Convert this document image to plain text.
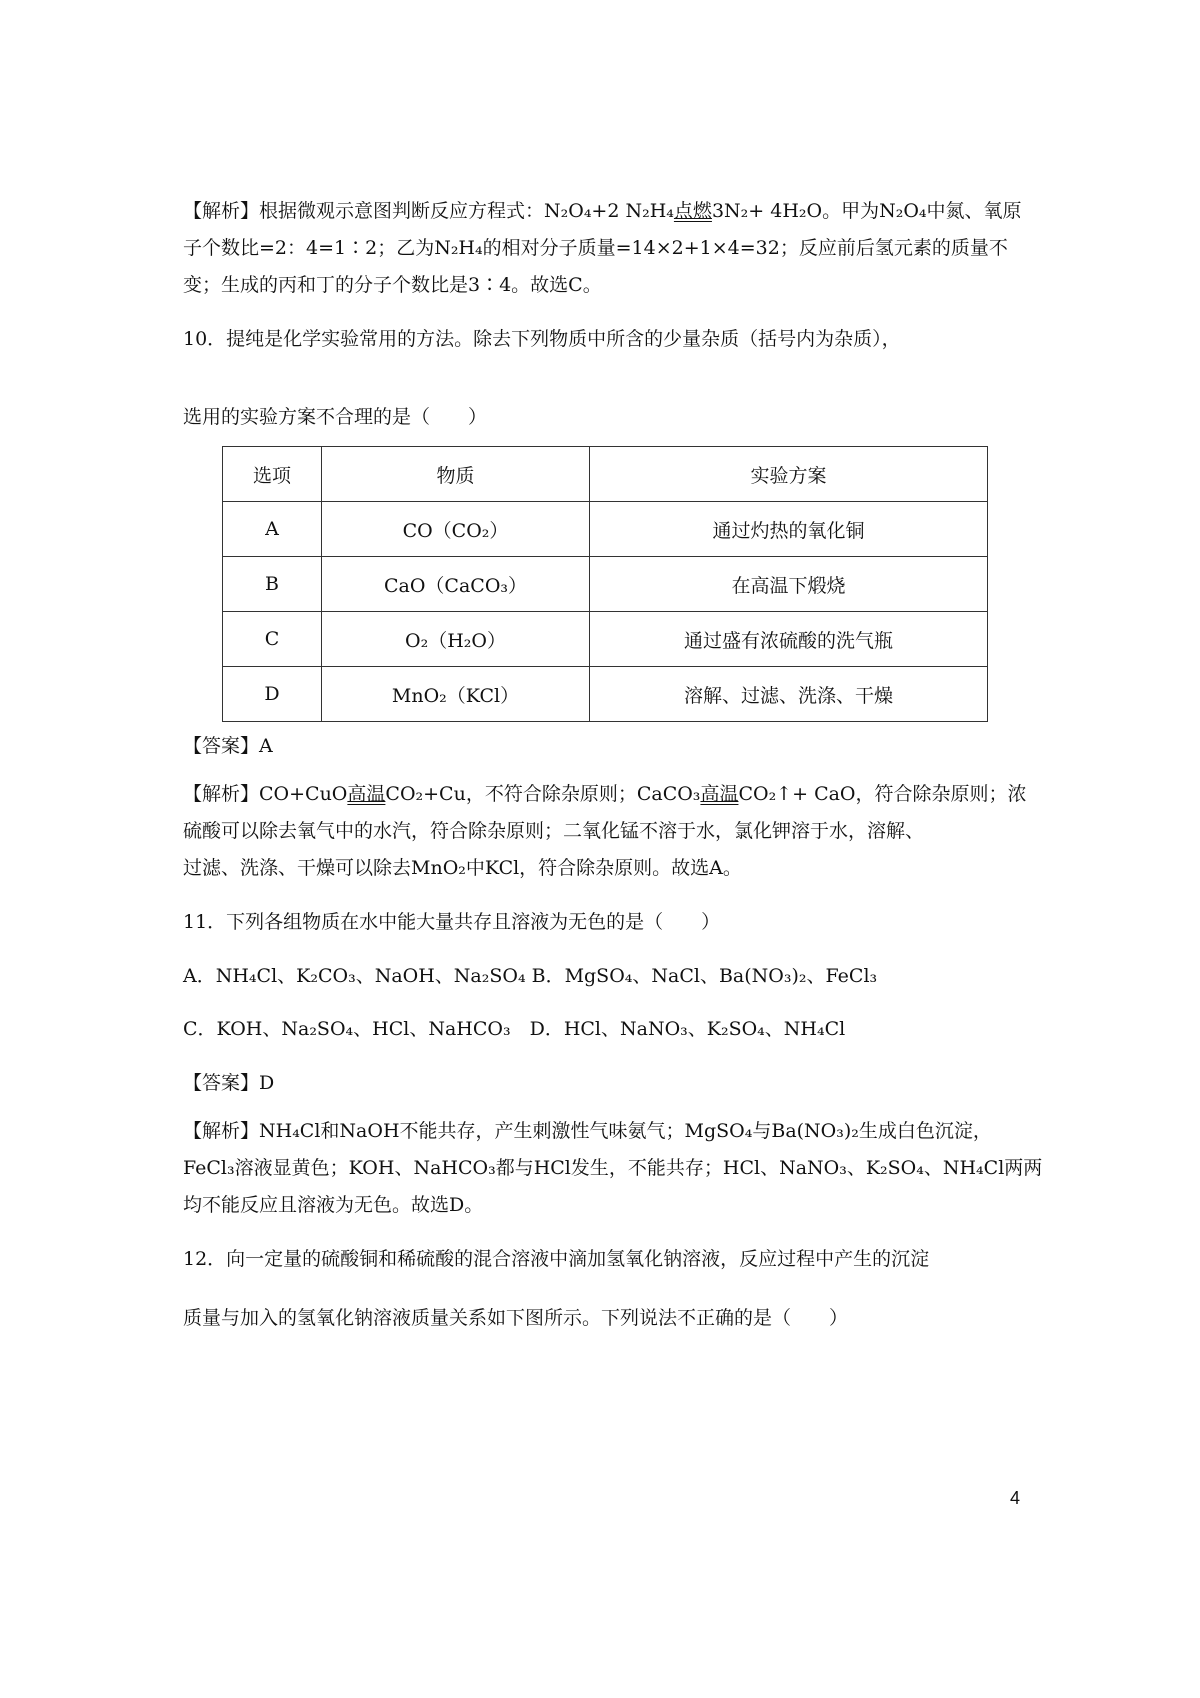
【解析】根据微观示意图判断反应方程式：N₂O₄+2 N₂H₄点燃3N₂+ 4H₂O。甲为N₂O₄中氮、氧原
子个数比=2：4=1∶2；乙为N₂H₄的相对分子质量=14×2+1×4=32；反应前后氢元素的质量不
变；生成的丙和丁的分子个数比是3∶4。故选C。
10．提纯是化学实验常用的方法。除去下列物质中所含的少量杂质（括号内为杂质），
选用的实验方案不合理的是（　　）
选项	物质	实验方案
A	CO（CO₂）	通过灼热的氧化铜
B	CaO（CaCO₃）	在高温下煅烧
C	O₂（H₂O）	通过盛有浓硫酸的洗气瓶
D	MnO₂（KCl）	溶解、过滤、洗涤、干燥
【答案】A
【解析】CO+CuO高温CO₂+Cu，不符合除杂原则；CaCO₃高温CO₂↑+ CaO，符合除杂原则；浓
硫酸可以除去氧气中的水汽，符合除杂原则；二氧化锰不溶于水，氯化钾溶于水，溶解、
过滤、洗涤、干燥可以除去MnO₂中KCl，符合除杂原则。故选A。
11．下列各组物质在水中能大量共存且溶液为无色的是（　　）
A．NH₄Cl、K₂CO₃、NaOH、Na₂SO₄ B．MgSO₄、NaCl、Ba(NO₃)₂、FeCl₃
C．KOH、Na₂SO₄、HCl、NaHCO₃　D．HCl、NaNO₃、K₂SO₄、NH₄Cl
【答案】D
【解析】NH₄Cl和NaOH不能共存，产生刺激性气味氨气；MgSO₄与Ba(NO₃)₂生成白色沉淀，
FeCl₃溶液显黄色；KOH、NaHCO₃都与HCl发生，不能共存；HCl、NaNO₃、K₂SO₄、NH₄Cl两两
均不能反应且溶液为无色。故选D。
12．向一定量的硫酸铜和稀硫酸的混合溶液中滴加氢氧化钠溶液，反应过程中产生的沉淀
质量与加入的氢氧化钠溶液质量关系如下图所示。下列说法不正确的是（　　）
4
